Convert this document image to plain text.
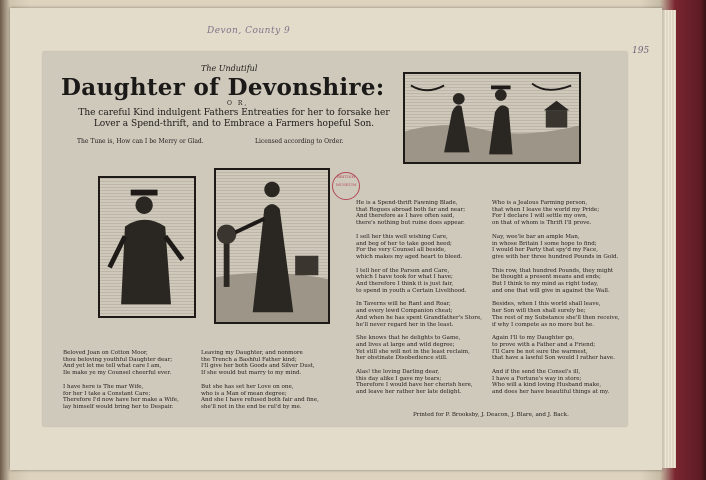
Devon, County 9
195
The Undutiful
Daughter of Devonshire:
O R,
The careful Kind indulgent Fathers Entreaties for her to forsake her Lover a Spend-thrift, and to Embrace a Farmers hopeful Son.
The Tune is, How can I be Merry or Glad.	Licensed according to Order.
BRITISH MUSEUM
Beloved Joan on Cotton Moor,
thou beloving youthful Daughter dear;
And yet let me tell what care I am,
Ile make ye my Counsel cheerful ever.
I have here is The mar Wife,
for her I take a Constant Care;
Therefore I'd now have her make a Wife,
lay himself would bring her to Despair.
Leaving my Daughter, and nonmore
the Trench a Bashful Father kind;
I'll give her both Goods and Silver Dust,
If she would but marry to my mind.
But she has set her Love on one,
who is a Man of mean degree;
And she I have refused both fair and fine,
she'll not in the end be rul'd by me.
He is a Spend-thrift Fawning Blade,
that Rogues abroad both far and near;
And therefore as I have often said,
there's nothing but ruine does appear.
I sell her this well wishing Care,
and beg of her to take good heed;
For the very Counsel all beside,
which makes my aged heart to bleed.
I tell her of the Parson and Care,
which I have took for what I have;
And therefore I think it is just fair,
to spend in youth a Certain Livelihood.
In Taverns will he Rant and Roar,
and every lewd Companion cheat;
And when he has spent Grandfather's Store,
he'll never regard her in the least.
She knows that he delights to Game,
and lives at large and wild degree;
Yet still she will not in the least reclaim,
her obstinate Disobedience still.
Alas! the loving Darling dear,
this day alike I gave my tears;
Therefore I would have her cherish here,
and leave her rather her late delight.
Who is a Jealous Farming person,
that when I leave the world my Pride;
For I declare I will settle my own,
on that of whom is Thrift I'll prove.
Nay, wee'le bar an ample Man,
in whose Britain I some hope to find;
I would her Party that spy'd my Face,
give with her three hundred Pounds in Gold.
This row, that hundred Pounds, they might
be thought a present means and ends;
But I think to my mind as right today,
and one that will give in against the Wall.
Besides, when I this world shall leave,
her Son will then shall surely be;
The rest of my Substance she'll then receive,
if why I compete as no more but he.
Again I'll to my Daughter go,
to prove with a Father and a Friend;
I'll Care be not sure the warmest,
that have a lawful Son would I rather have.
And if the send the Consel's ill,
I have a Fortune's way in store;
Who will a kind loving Husband make,
and does her have beautiful things at my.
Printed for P. Brooksby, J. Deacon, J. Blare, and J. Back.
